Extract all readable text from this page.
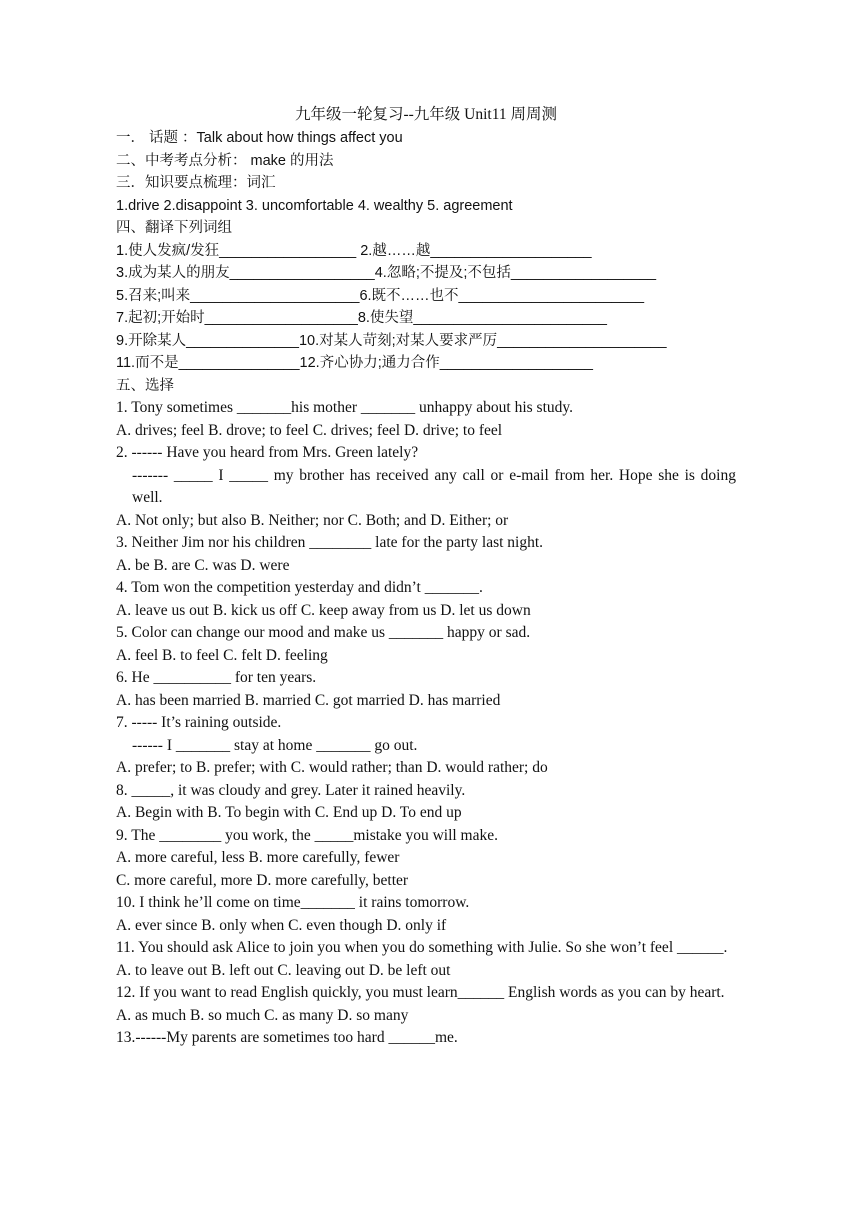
九年级一轮复习--九年级 Unit11 周周测

一． 话题 ：Talk about how things affect you

二、中考考点分析： make 的用法

三．知识要点梳理：词汇

1.drive 2.disappoint 3. uncomfortable 4. wealthy 5. agreement

四、翻译下列词组

1.使人发疯/发狂_________________ 2.越……越____________________

3.成为某人的朋友__________________4.忽略;不提及;不包括__________________

5.召来;叫来_____________________6.既不……也不_______________________

7.起初;开始时___________________8.使失望________________________

9.开除某人______________10.对某人苛刻;对某人要求严厉_____________________

11.而不是_______________12.齐心协力;通力合作___________________

五、选择

1. Tony sometimes _______his mother _______ unhappy about his study.

A. drives; feel B. drove; to feel C. drives; feel D. drive; to feel

2. ------ Have you heard from Mrs. Green lately?

------- _____ I _____ my brother has received any call or e-mail from her. Hope she is doing well.

A. Not only; but also B. Neither; nor C. Both; and D. Either; or

3. Neither Jim nor his children ________ late for the party last night.

A. be B. are C. was D. were

4. Tom won the competition yesterday and didn’t _______.

A. leave us out B. kick us off C. keep away from us D. let us down

5. Color can change our mood and make us _______ happy or sad.

A. feel B. to feel C. felt D. feeling

6. He __________ for ten years.

A. has been married B. married C. got married D. has married

7. ----- It’s raining outside.

------ I _______ stay at home _______ go out.

A. prefer; to B. prefer; with C. would rather; than D. would rather; do

8. _____, it was cloudy and grey. Later it rained heavily.

A. Begin with B. To begin with C. End up D. To end up

9. The ________ you work, the _____mistake you will make.

A. more careful, less B. more carefully, fewer

C. more careful, more D. more carefully, better

10. I think he’ll come on time_______ it rains tomorrow.

A. ever since B. only when C. even though D. only if

11. You should ask Alice to join you when you do something with Julie. So she won’t feel ______.

A. to leave out B. left out C. leaving out D. be left out

12. If you want to read English quickly, you must learn______ English words as you can by heart.

A. as much B. so much C. as many D. so many

13.------My parents are sometimes too hard ______me.
